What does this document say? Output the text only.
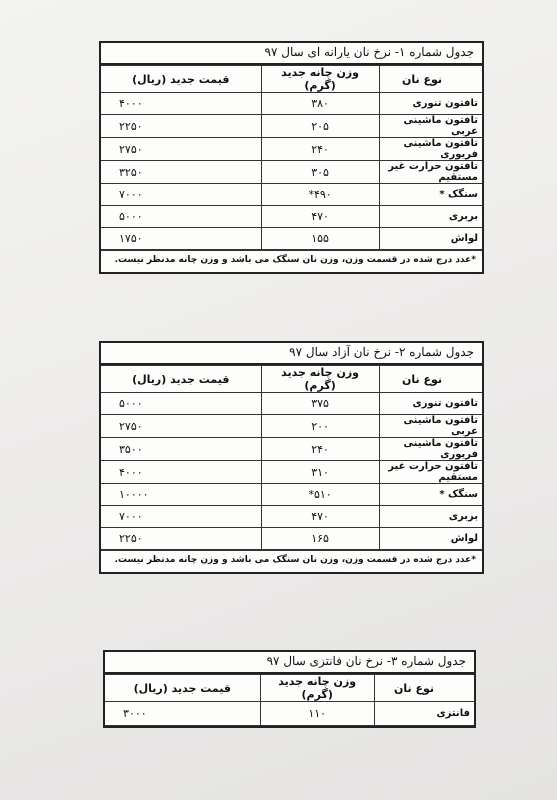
جدول شماره ۱- نرخ نان یارانه ای سال ۹۷
نوع نان	وزن چانه جدید (گرم)	قیمت جدید (ریال)
تافتون تنوری	۳۸۰	۴۰۰۰
تافتون ماشینی عربی	۲۰۵	۲۲۵۰
تافتون ماشینی فریوری	۲۴۰	۲۷۵۰
تافتون حرارت غیر مستقیم	۳۰۵	۳۲۵۰
سنگک *	۴۹۰*	۷۰۰۰
بربری	۴۷۰	۵۰۰۰
لواش	۱۵۵	۱۷۵۰
*عدد درج شده در قسمت وزن، وزن نان سنگک می باشد و وزن چانه مدنظر نیست.
جدول شماره ۲- نرخ نان آزاد سال ۹۷
نوع نان	وزن چانه جدید (گرم)	قیمت جدید (ریال)
تافتون تنوری	۳۷۵	۵۰۰۰
تافتون ماشینی عربی	۲۰۰	۲۷۵۰
تافتون ماشینی فریوری	۲۴۰	۳۵۰۰
تافتون حرارت غیر مستقیم	۳۱۰	۴۰۰۰
سنگک *	۵۱۰*	۱۰۰۰۰
بربری	۴۷۰	۷۰۰۰
لواش	۱۶۵	۲۲۵۰
*عدد درج شده در قسمت وزن، وزن نان سنگک می باشد و وزن چانه مدنظر نیست.
جدول شماره ۳- نرخ نان فانتزی سال ۹۷
نوع نان	وزن چانه جدید (گرم)	قیمت جدید (ریال)
فانتزی	۱۱۰	۳۰۰۰
